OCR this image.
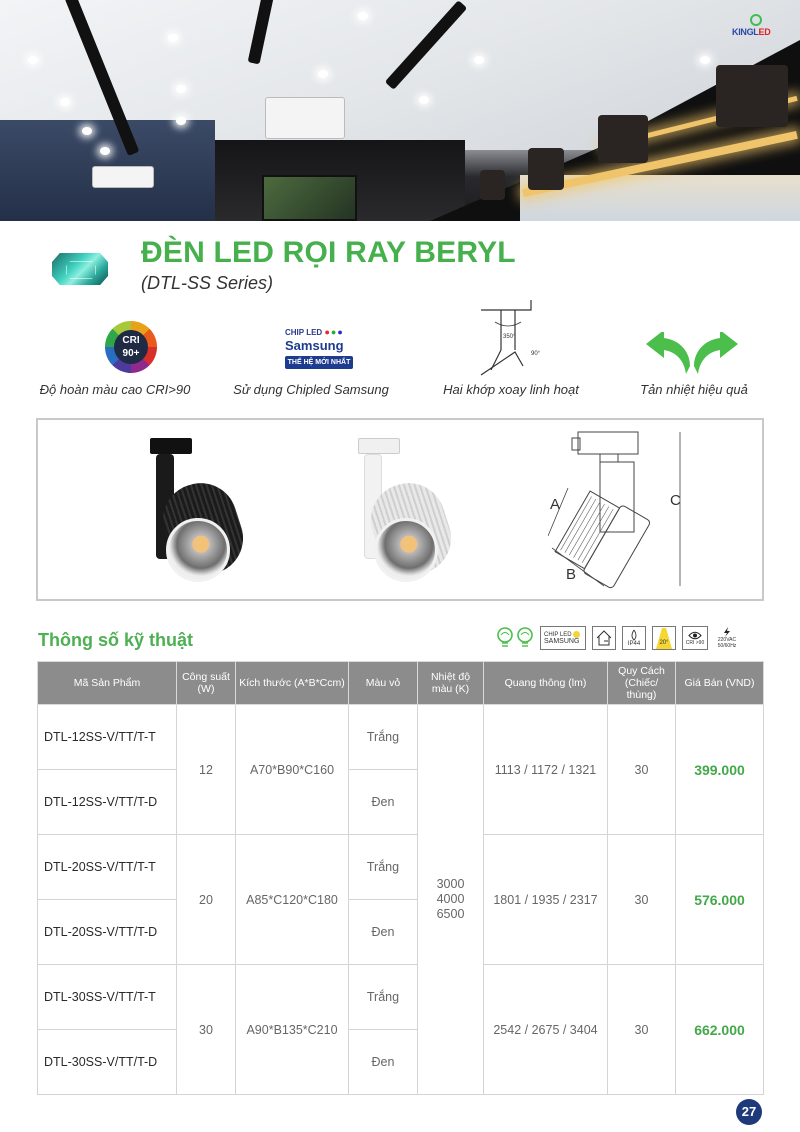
KINGLED
ĐÈN LED RỌI RAY BERYL
(DTL-SS Series)
CRI
90+
Độ hoàn màu cao CRI>90
CHIP LED ●●●
Samsung
THẾ HỆ MỚI NHẤT
Sử dụng Chipled Samsung
350°
90°
Hai khớp xoay linh hoạt	Tản nhiệt hiệu quả
A
B
C
Thông số kỹ thuật	CHIP LED
SAMSUNG	IP44	20°	CRI >90	220VAC
50/60Hz
Mã Sản Phẩm	Công suất (W)	Kích thước (A*B*Ccm)	Màu vỏ	Nhiệt độ màu (K)	Quang thông (lm)	Quy Cách (Chiếc/ thùng)	Giá Bán (VND)
DTL-12SS-V/TT/T-T	12	A70*B90*C160	Trắng	3000
4000
6500	1113 / 1172 / 1321	30	399.000
DTL-12SS-V/TT/T-D			Đen				
DTL-20SS-V/TT/T-T	20	A85*C120*C180	Trắng		1801 / 1935 / 2317	30	576.000
DTL-20SS-V/TT/T-D			Đen				
DTL-30SS-V/TT/T-T	30	A90*B135*C210	Trắng		2542 / 2675 / 3404	30	662.000
DTL-30SS-V/TT/T-D			Đen				
27
